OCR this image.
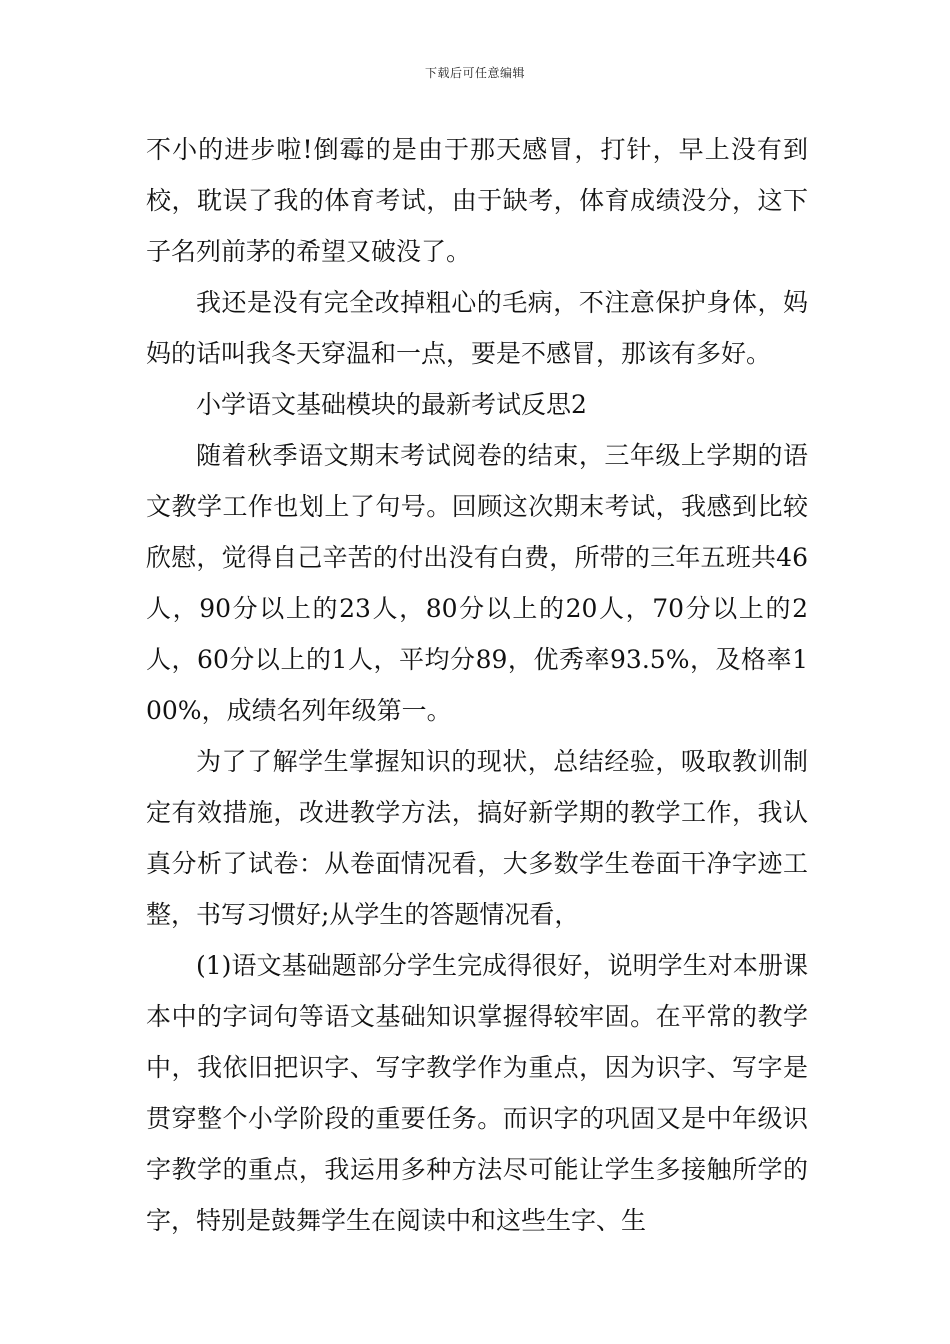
下载后可任意编辑

不小的进步啦!倒霉的是由于那天感冒，打针，早上没有到校，耽误了我的体育考试，由于缺考，体育成绩没分，这下子名列前茅的希望又破没了。

我还是没有完全改掉粗心的毛病，不注意保护身体，妈妈的话叫我冬天穿温和一点，要是不感冒，那该有多好。

小学语文基础模块的最新考试反思2

随着秋季语文期末考试阅卷的结束，三年级上学期的语文教学工作也划上了句号。回顾这次期末考试，我感到比较欣慰，觉得自己辛苦的付出没有白费，所带的三年五班共46人，90分以上的23人，80分以上的20人，70分以上的2人，60分以上的1人，平均分89，优秀率93.5%，及格率100%，成绩名列年级第一。

为了了解学生掌握知识的现状，总结经验，吸取教训制定有效措施，改进教学方法，搞好新学期的教学工作，我认真分析了试卷：从卷面情况看，大多数学生卷面干净字迹工整，书写习惯好;从学生的答题情况看，

(1)语文基础题部分学生完成得很好，说明学生对本册课本中的字词句等语文基础知识掌握得较牢固。在平常的教学中，我依旧把识字、写字教学作为重点，因为识字、写字是贯穿整个小学阶段的重要任务。而识字的巩固又是中年级识字教学的重点，我运用多种方法尽可能让学生多接触所学的字，特别是鼓舞学生在阅读中和这些生字、生
